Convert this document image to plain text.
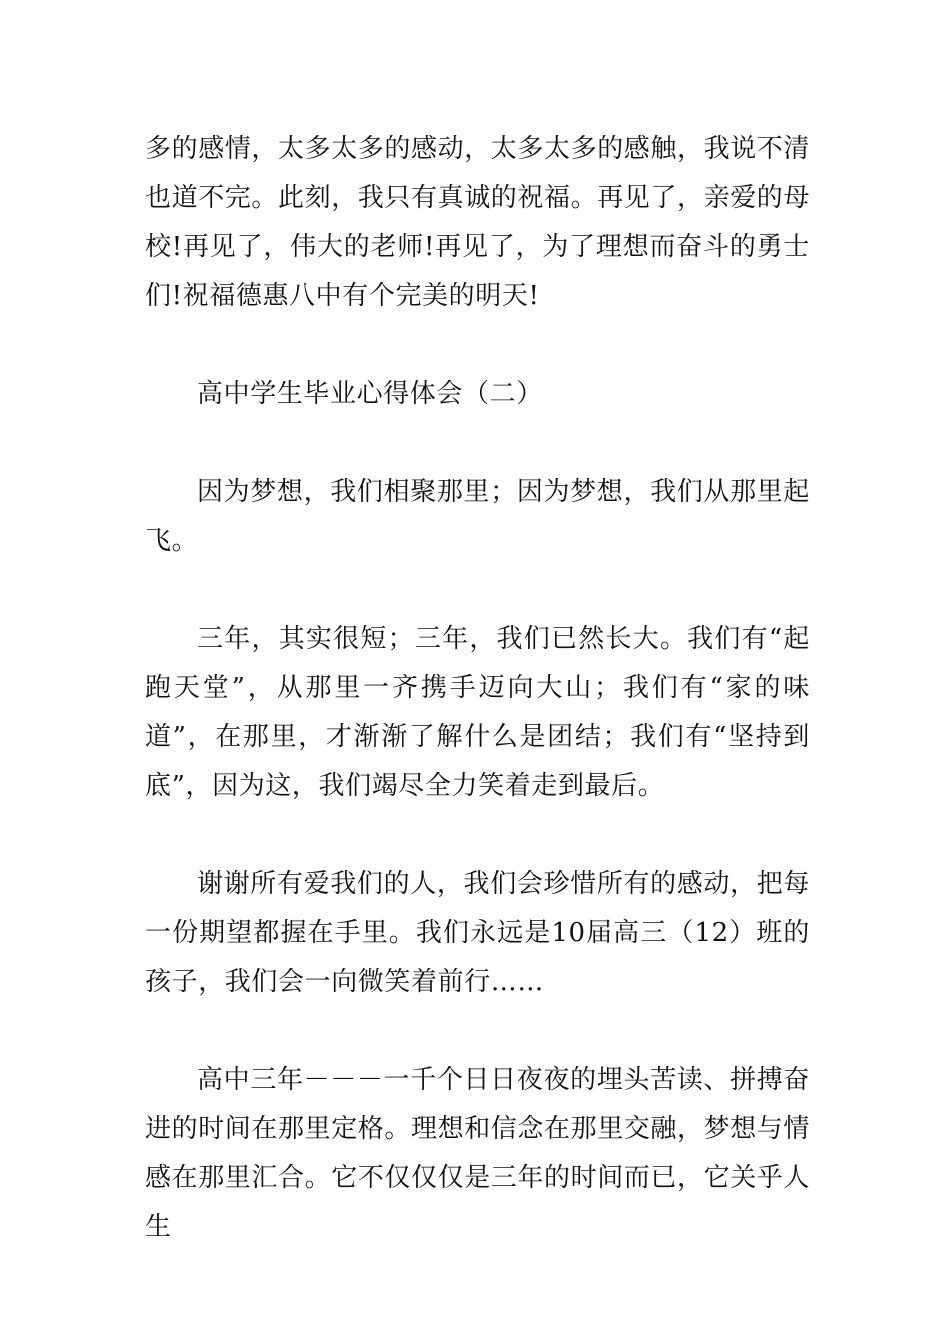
多的感情，太多太多的感动，太多太多的感触，我说不清也道不完。此刻，我只有真诚的祝福。再见了，亲爱的母校!再见了，伟大的老师!再见了，为了理想而奋斗的勇士们!祝福德惠八中有个完美的明天!

高中学生毕业心得体会（二）

因为梦想，我们相聚那里；因为梦想，我们从那里起飞。

三年，其实很短；三年，我们已然长大。我们有“起跑天堂”，从那里一齐携手迈向大山；我们有“家的味道”，在那里，才渐渐了解什么是团结；我们有“坚持到底”，因为这，我们竭尽全力笑着走到最后。

谢谢所有爱我们的人，我们会珍惜所有的感动，把每一份期望都握在手里。我们永远是10届高三（12）班的孩子，我们会一向微笑着前行……

高中三年－－－一千个日日夜夜的埋头苦读、拼搏奋进的时间在那里定格。理想和信念在那里交融，梦想与情感在那里汇合。它不仅仅仅是三年的时间而已，它关乎人生
